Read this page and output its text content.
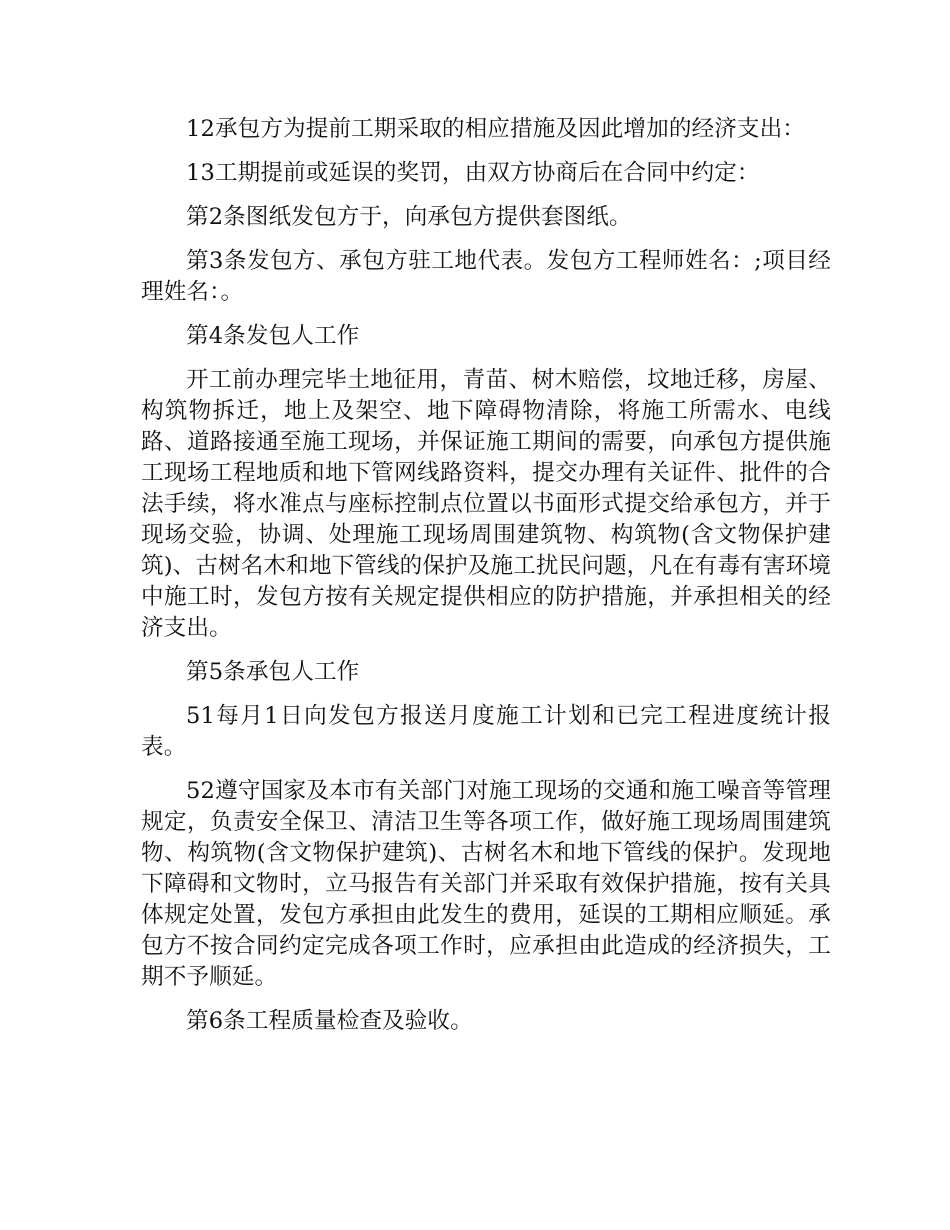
12承包方为提前工期采取的相应措施及因此增加的经济支出：

13工期提前或延误的奖罚，由双方协商后在合同中约定：

第2条图纸发包方于，向承包方提供套图纸。

第3条发包方、承包方驻工地代表。发包方工程师姓名：;项目经理姓名：。

第4条发包人工作

开工前办理完毕土地征用，青苗、树木赔偿，坟地迁移，房屋、构筑物拆迁，地上及架空、地下障碍物清除，将施工所需水、电线路、道路接通至施工现场，并保证施工期间的需要，向承包方提供施工现场工程地质和地下管网线路资料，提交办理有关证件、批件的合法手续，将水准点与座标控制点位置以书面形式提交给承包方，并于现场交验，协调、处理施工现场周围建筑物、构筑物(含文物保护建筑)、古树名木和地下管线的保护及施工扰民问题，凡在有毒有害环境中施工时，发包方按有关规定提供相应的防护措施，并承担相关的经济支出。

第5条承包人工作

51每月1日向发包方报送月度施工计划和已完工程进度统计报表。

52遵守国家及本市有关部门对施工现场的交通和施工噪音等管理规定，负责安全保卫、清洁卫生等各项工作，做好施工现场周围建筑物、构筑物(含文物保护建筑)、古树名木和地下管线的保护。发现地下障碍和文物时，立马报告有关部门并采取有效保护措施，按有关具体规定处置，发包方承担由此发生的费用，延误的工期相应顺延。承包方不按合同约定完成各项工作时，应承担由此造成的经济损失，工期不予顺延。

第6条工程质量检查及验收。
